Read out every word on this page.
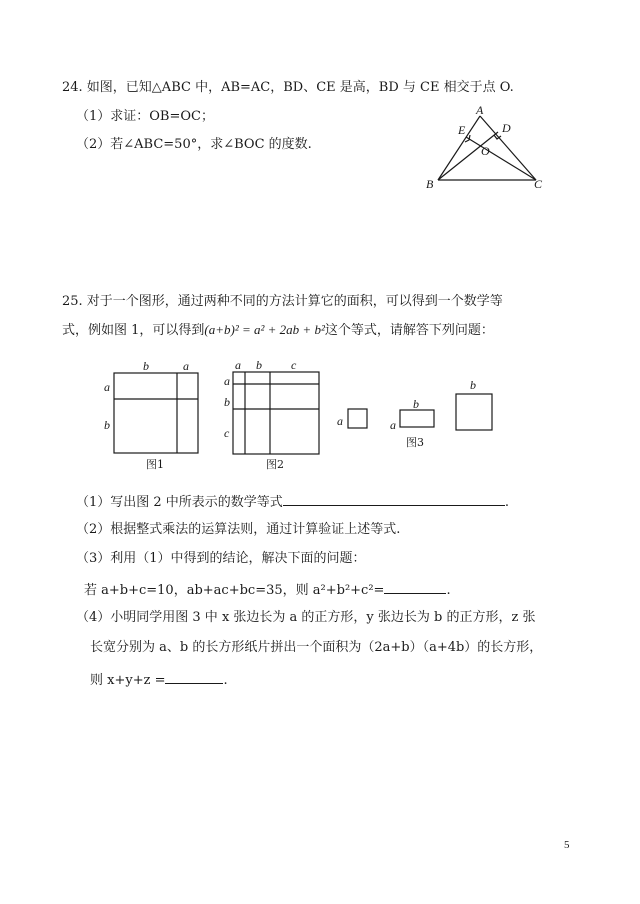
24. 如图，已知△ABC 中，AB=AC，BD、CE 是高，BD 与 CE 相交于点 O.
（1）求证：OB=OC；
（2）若∠ABC=50°，求∠BOC 的度数.
A
E	D
O
B	C
25. 对于一个图形，通过两种不同的方法计算它的面积，可以得到一个数学等
式，例如图 1，可以得到(a+b)² = a² + 2ab + b²这个等式，请解答下列问题：
b	a
a
b
图1
a b c
a
b
c
图2
a	a
b
b
图3
（1）写出图 2 中所表示的数学等式	.
（2）根据整式乘法的运算法则，通过计算验证上述等式.
（3）利用（1）中得到的结论，解决下面的问题：
若 a+b+c=10，ab+ac+bc=35，则 a²+b²+c²=	.
（4）小明同学用图 3 中 x 张边长为 a 的正方形，y 张边长为 b 的正方形，z 张
长宽分别为 a、b 的长方形纸片拼出一个面积为（2a+b）（a+4b）的长方形，
则 x+y+z =	.
5
